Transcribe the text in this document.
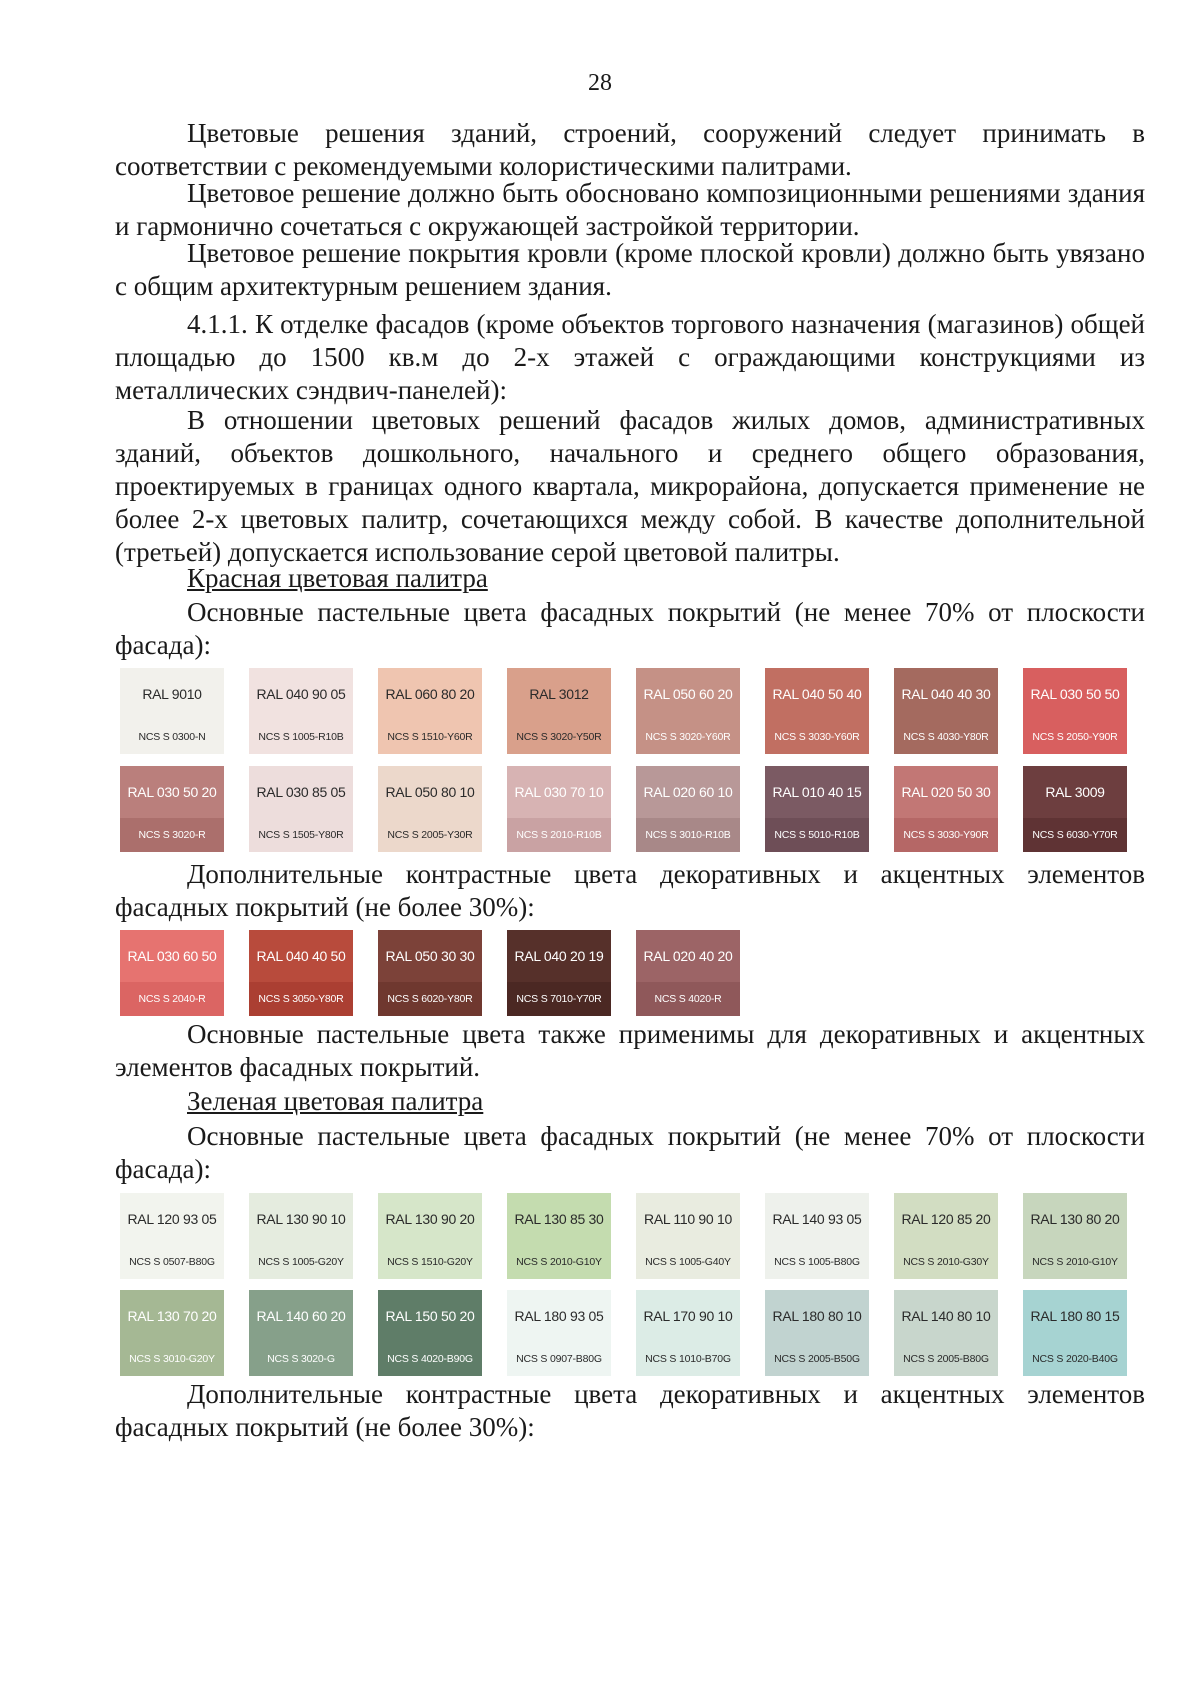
28

Цветовые решения зданий, строений, сооружений следует принимать в соответствии с рекомендуемыми колористическими палитрами.

Цветовое решение должно быть обосновано композиционными решениями здания и гармонично сочетаться с окружающей застройкой территории.

Цветовое решение покрытия кровли (кроме плоской кровли) должно быть увязано с общим архитектурным решением здания.

4.1.1. К отделке фасадов (кроме объектов торгового назначения (магазинов) общей площадью до 1500 кв.м до 2-х этажей с ограждающими конструкциями из металлических сэндвич-панелей):

В отношении цветовых решений фасадов жилых домов, административных зданий, объектов дошкольного, начального и среднего общего образования, проектируемых в границах одного квартала, микрорайона, допускается применение не более 2-х цветовых палитр, сочетающихся между собой. В качестве дополнительной (третьей) допускается использование серой цветовой палитры.

Красная цветовая палитра

Основные пастельные цвета фасадных покрытий (не менее 70% от плоскости фасада):

RAL 9010
NCS S 0300-N
RAL 040 90 05
NCS S 1005-R10B
RAL 060 80 20
NCS S 1510-Y60R
RAL 3012
NCS S 3020-Y50R
RAL 050 60 20
NCS S 3020-Y60R
RAL 040 50 40
NCS S 3030-Y60R
RAL 040 40 30
NCS S 4030-Y80R
RAL 030 50 50
NCS S 2050-Y90R
RAL 030 50 20
NCS S 3020-R
RAL 030 85 05
NCS S 1505-Y80R
RAL 050 80 10
NCS S 2005-Y30R
RAL 030 70 10
NCS S 2010-R10B
RAL 020 60 10
NCS S 3010-R10B
RAL 010 40 15
NCS S 5010-R10B
RAL 020 50 30
NCS S 3030-Y90R
RAL 3009
NCS S 6030-Y70R

Дополнительные контрастные цвета декоративных и акцентных элементов фасадных покрытий (не более 30%):

RAL 030 60 50
NCS S 2040-R
RAL 040 40 50
NCS S 3050-Y80R
RAL 050 30 30
NCS S 6020-Y80R
RAL 040 20 19
NCS S 7010-Y70R
RAL 020 40 20
NCS S 4020-R

Основные пастельные цвета также применимы для декоративных и акцентных элементов фасадных покрытий.

Зеленая цветовая палитра

Основные пастельные цвета фасадных покрытий (не менее 70% от плоскости фасада):

RAL 120 93 05
NCS S 0507-B80G
RAL 130 90 10
NCS S 1005-G20Y
RAL 130 90 20
NCS S 1510-G20Y
RAL 130 85 30
NCS S 2010-G10Y
RAL 110 90 10
NCS S 1005-G40Y
RAL 140 93 05
NCS S 1005-B80G
RAL 120 85 20
NCS S 2010-G30Y
RAL 130 80 20
NCS S 2010-G10Y
RAL 130 70 20
NCS S 3010-G20Y
RAL 140 60 20
NCS S 3020-G
RAL 150 50 20
NCS S 4020-B90G
RAL 180 93 05
NCS S 0907-B80G
RAL 170 90 10
NCS S 1010-B70G
RAL 180 80 10
NCS S 2005-B50G
RAL 140 80 10
NCS S 2005-B80G
RAL 180 80 15
NCS S 2020-B40G

Дополнительные контрастные цвета декоративных и акцентных элементов фасадных покрытий (не более 30%):
